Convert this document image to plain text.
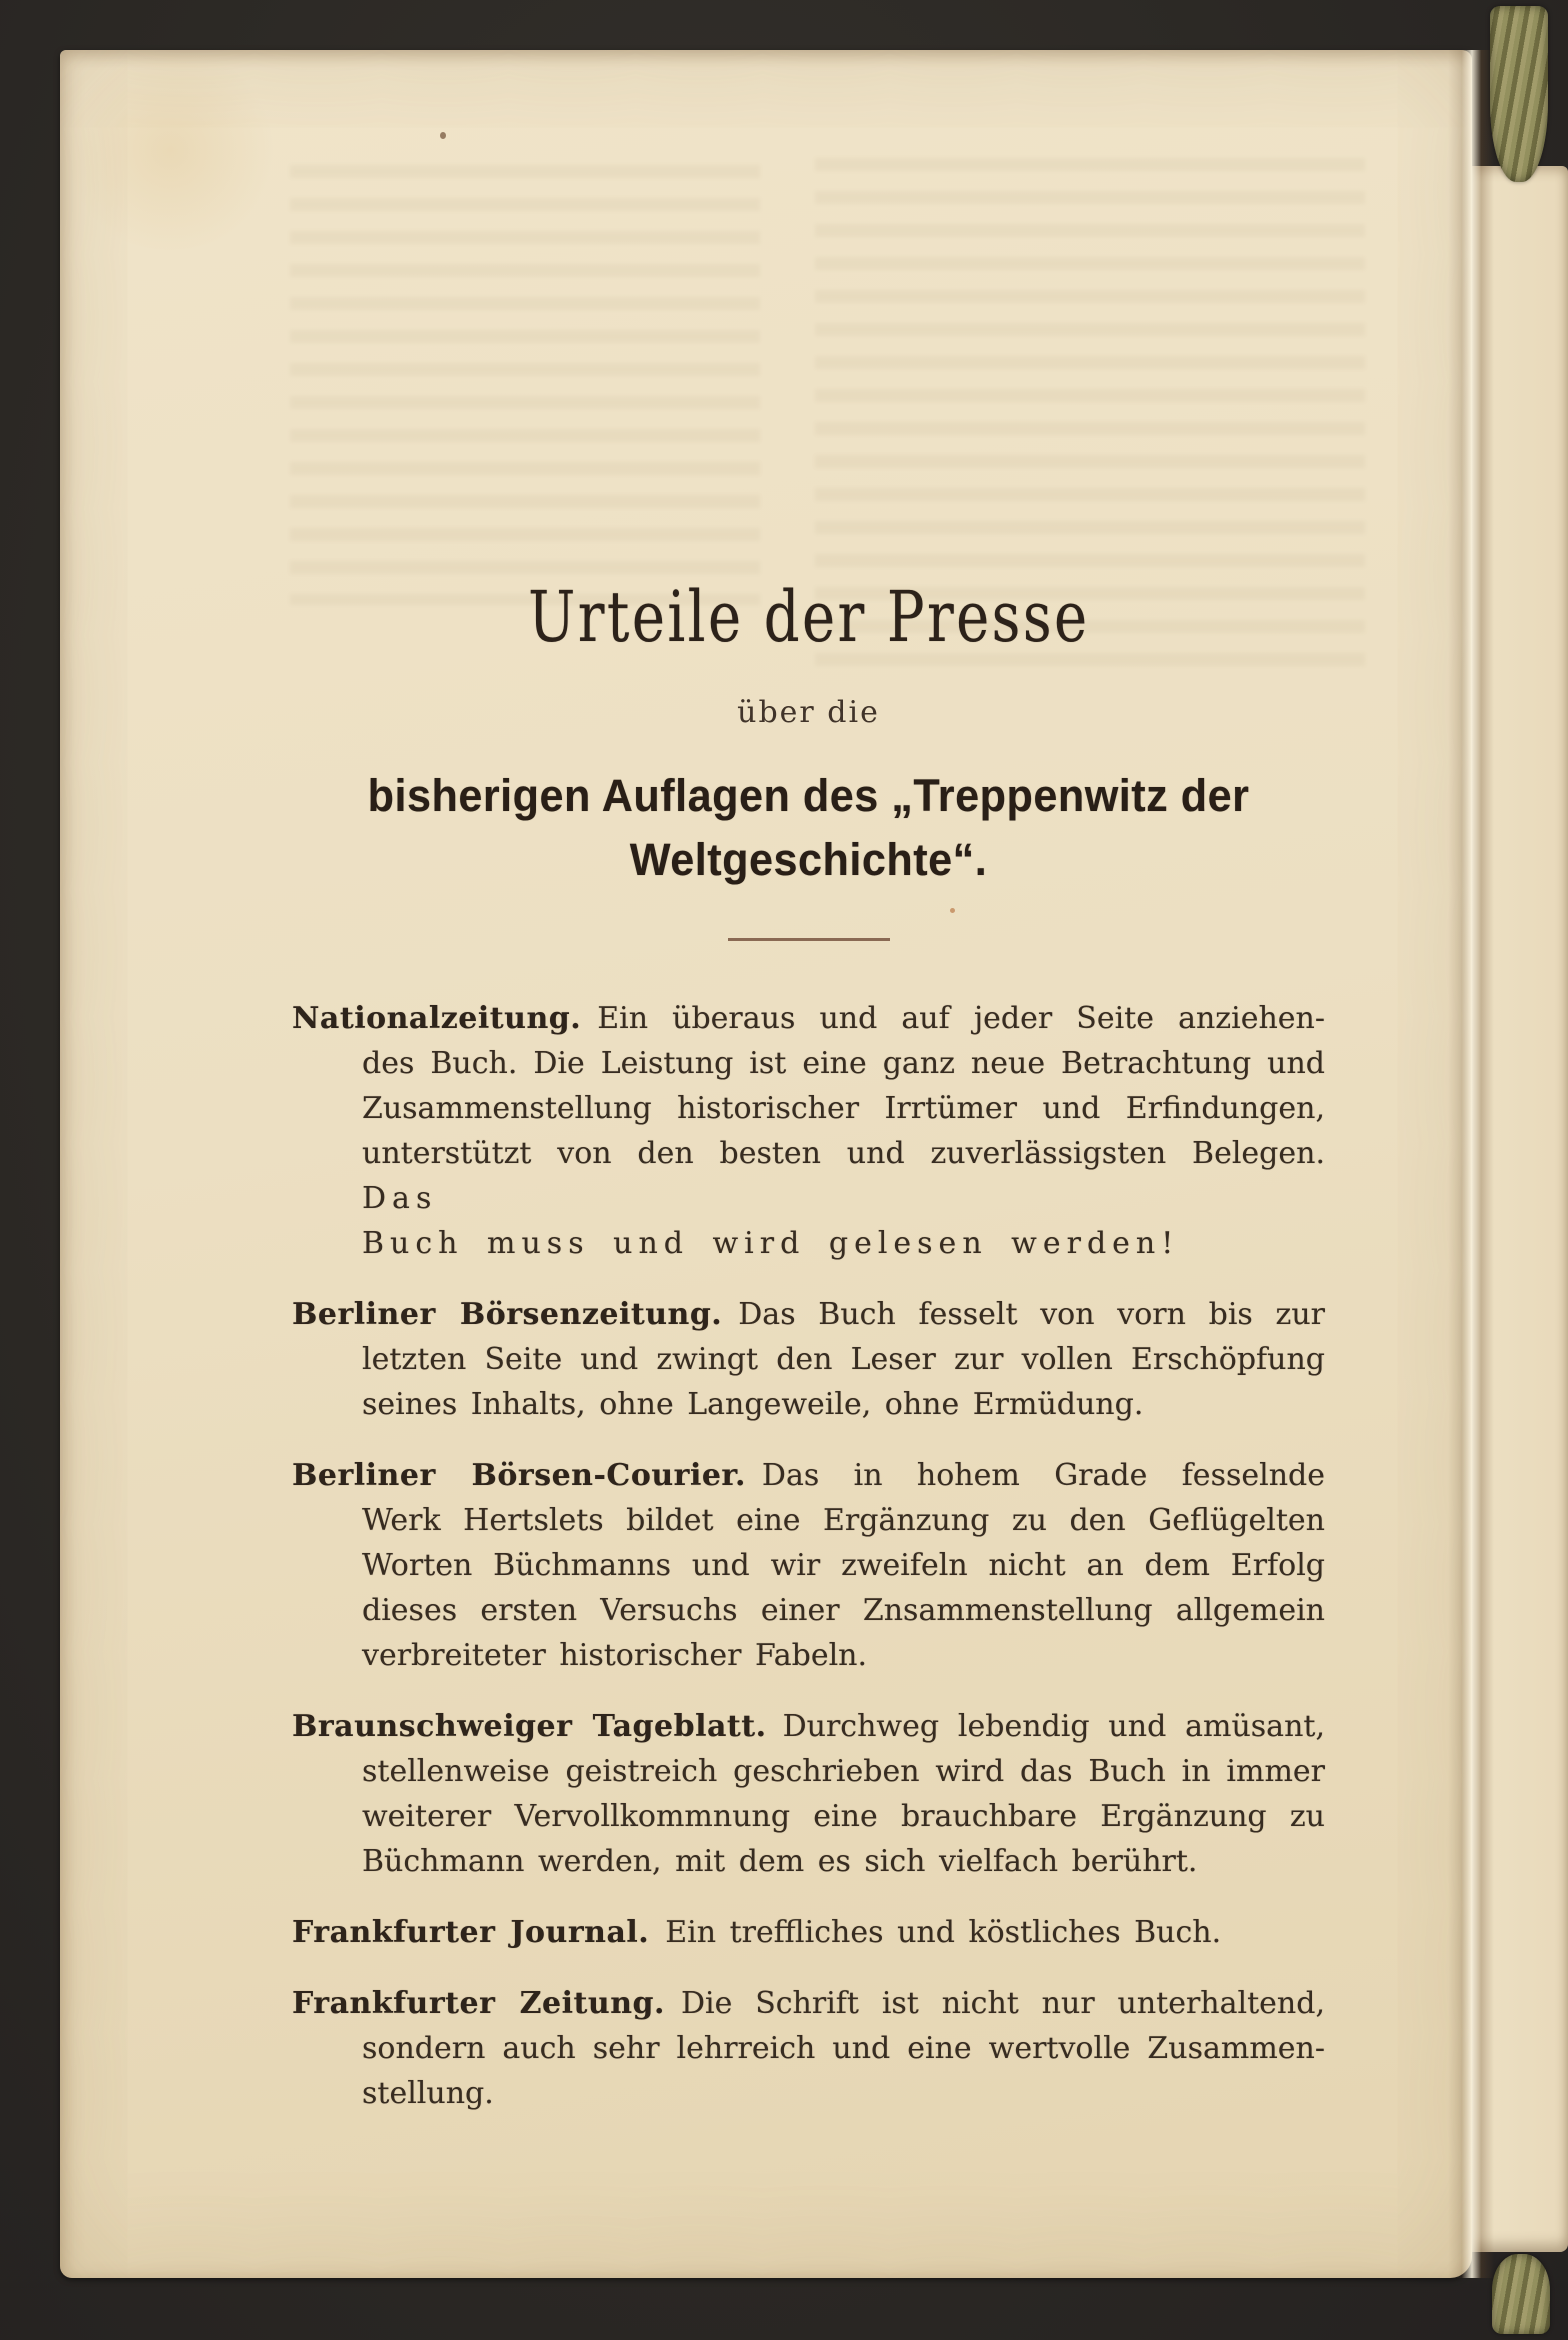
Urteile der Presse
über die
bisherigen Auflagen des „Treppenwitz der
Weltgeschichte“.

Nationalzeitung. Ein überaus und auf jeder Seite anziehen-
des Buch. Die Leistung ist eine ganz neue Betrachtung und
Zusammenstellung historischer Irrtümer und Erfindungen,
unterstützt von den besten und zuverlässigsten Belegen. Das
Buch muss und wird gelesen werden!

Berliner Börsenzeitung. Das Buch fesselt von vorn bis zur
letzten Seite und zwingt den Leser zur vollen Erschöpfung
seines Inhalts, ohne Langeweile, ohne Ermüdung.

Berliner Börsen-Courier. Das in hohem Grade fesselnde
Werk Hertslets bildet eine Ergänzung zu den Geflügelten
Worten Büchmanns und wir zweifeln nicht an dem Erfolg
dieses ersten Versuchs einer Znsammenstellung allgemein
verbreiteter historischer Fabeln.

Braunschweiger Tageblatt. Durchweg lebendig und amüsant,
stellenweise geistreich geschrieben wird das Buch in immer
weiterer Vervollkommnung eine brauchbare Ergänzung zu
Büchmann werden, mit dem es sich vielfach berührt.

Frankfurter Journal. Ein treffliches und köstliches Buch.

Frankfurter Zeitung. Die Schrift ist nicht nur unterhaltend,
sondern auch sehr lehrreich und eine wertvolle Zusammen-
stellung.
